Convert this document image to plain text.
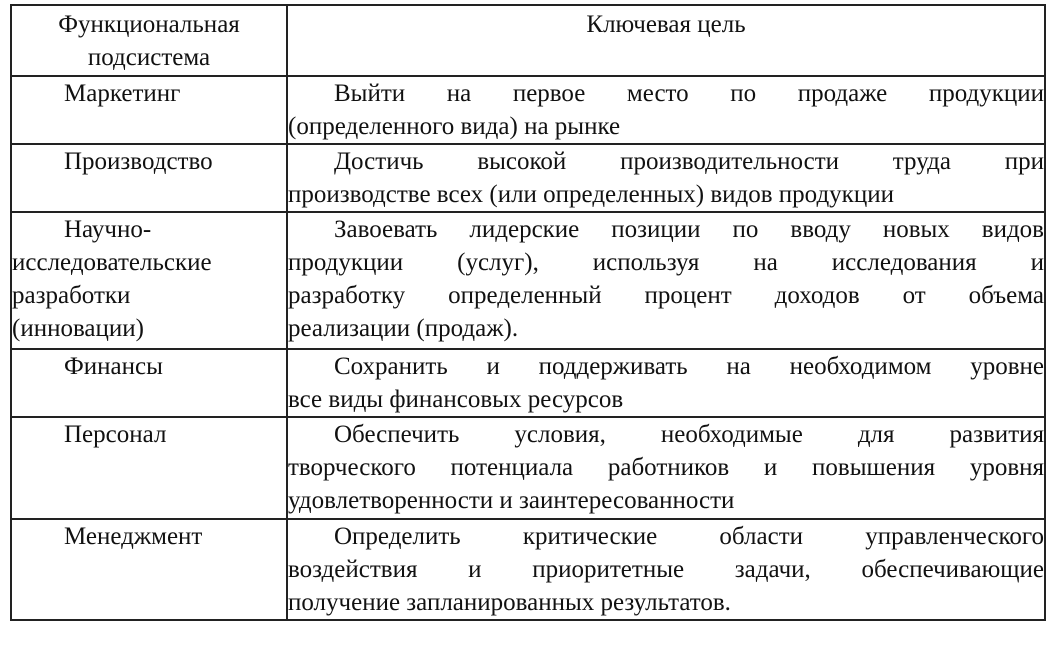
Функциональная
подсистема	Ключевая цель

Маркетинг	Выйти на первое место по продаже продукции
(определенного вида) на рынке

Производство	Достичь высокой производительности труда при
производстве всех (или определенных) видов продукции

Научно-
исследовательские
разработки
(инновации)	Завоевать лидерские позиции по вводу новых видов
продукции (услуг), используя на исследования и
разработку определенный процент доходов от объема
реализации (продаж).

Финансы	Сохранить и поддерживать на необходимом уровне
все виды финансовых ресурсов

Персонал	Обеспечить условия, необходимые для развития
творческого потенциала работников и повышения уровня
удовлетворенности и заинтересованности

Менеджмент	Определить критические области управленческого
воздействия и приоритетные задачи, обеспечивающие
получение запланированных результатов.
